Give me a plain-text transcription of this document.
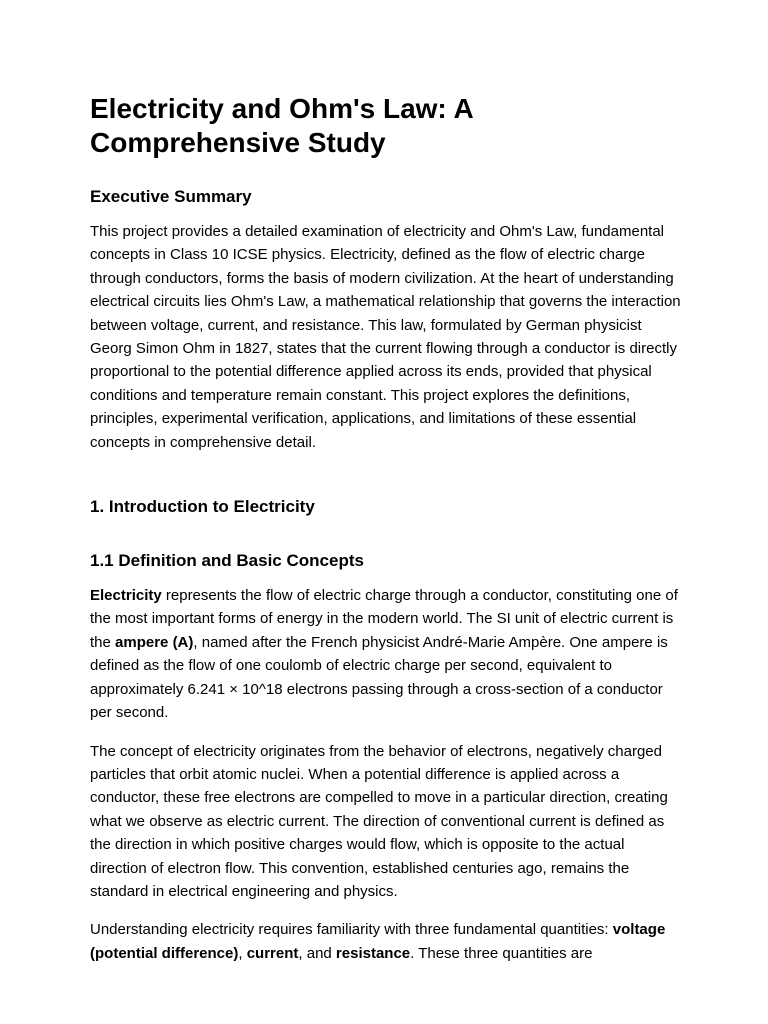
Electricity and Ohm's Law: A Comprehensive Study
Executive Summary

This project provides a detailed examination of electricity and Ohm's Law, fundamental concepts in Class 10 ICSE physics. Electricity, defined as the flow of electric charge through conductors, forms the basis of modern civilization. At the heart of understanding electrical circuits lies Ohm's Law, a mathematical relationship that governs the interaction between voltage, current, and resistance. This law, formulated by German physicist Georg Simon Ohm in 1827, states that the current flowing through a conductor is directly proportional to the potential difference applied across its ends, provided that physical conditions and temperature remain constant. This project explores the definitions, principles, experimental verification, applications, and limitations of these essential concepts in comprehensive detail.

1. Introduction to Electricity
1.1 Definition and Basic Concepts

Electricity represents the flow of electric charge through a conductor, constituting one of the most important forms of energy in the modern world. The SI unit of electric current is the ampere (A), named after the French physicist André-Marie Ampère. One ampere is defined as the flow of one coulomb of electric charge per second, equivalent to approximately 6.241 × 10^18 electrons passing through a cross-section of a conductor per second.

The concept of electricity originates from the behavior of electrons, negatively charged particles that orbit atomic nuclei. When a potential difference is applied across a conductor, these free electrons are compelled to move in a particular direction, creating what we observe as electric current. The direction of conventional current is defined as the direction in which positive charges would flow, which is opposite to the actual direction of electron flow. This convention, established centuries ago, remains the standard in electrical engineering and physics.

Understanding electricity requires familiarity with three fundamental quantities: voltage (potential difference), current, and resistance. These three quantities are
